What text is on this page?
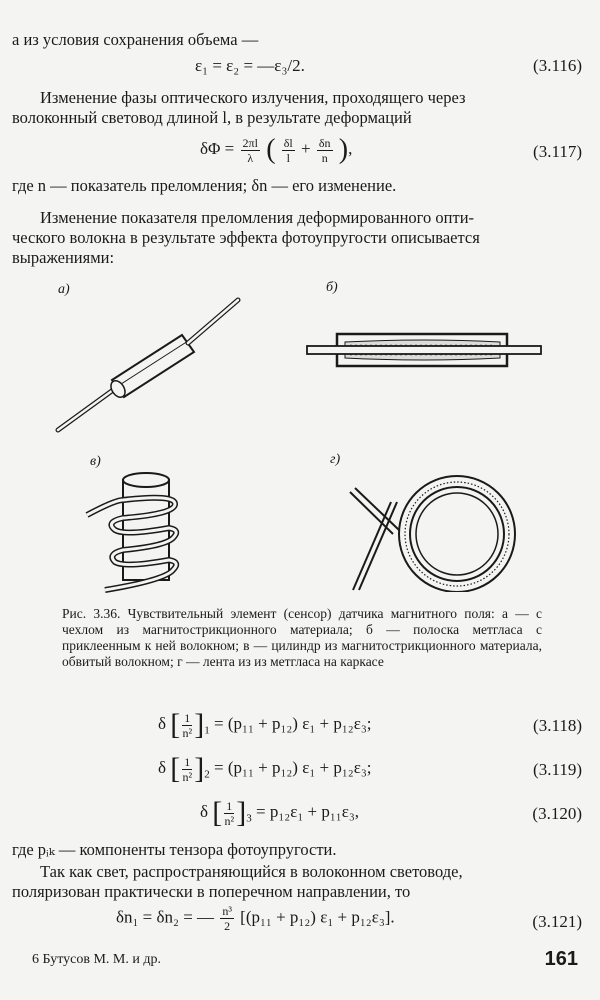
а из условия сохранения объема —
ε₁ = ε₂ = —ε₃/2.	(3.116)
Изменение фазы оптического излучения, проходящего через
волоконный световод длиной l, в результате деформаций
$\delta\Phi = \frac{2\pi l}{\lambda}$ ( $\frac{\delta l}{l} + \frac{\delta n}{n}$ ),	(3.117)
где n — показатель преломления; δn — его изменение.
Изменение показателя преломления деформированного опти-
ческого волокна в результате эффекта фотоупругости описывается
выражениями:
а)	б)
в)	г)
Рис. 3.36. Чувствительный элемент (сенсор) датчика магнитного поля: а — с чехлом из магнитострикционного материала; б — полоска метгласа с приклеенным к ней волокном; в — цилиндр из магнитострикционного материала, обвитый волокном; г — лента из из метгласа на каркасе
δ [ $\frac{1}{\text{n²}} ]_1 = (p_{11} + p_{12}) \varepsilon_1 + p_{12}\varepsilon_3$;	(3.118)
δ [ $\frac{1}{\text{n²}} ]_2 = (p_{11} + p_{12}) \varepsilon_1 + p_{12}\varepsilon_3$;	(3.119)
δ [ $\frac{1}{\text{n²}} ]_3 = p_{12}\varepsilon_1 + p_{11}\varepsilon_3$,	(3.120)
где pᵢₖ — компоненты тензора фотоупругости.
Так как свет, распространяющийся в волоконном световоде,
поляризован практически в поперечном направлении, то
δn₁ = δn₂ = — $\frac{\text{n³}}{2} [(p_{11} + p_{12}) \varepsilon_1 + p_{12}\varepsilon_3]$.	(3.121)
6 Бутусов М. М. и др.	161
